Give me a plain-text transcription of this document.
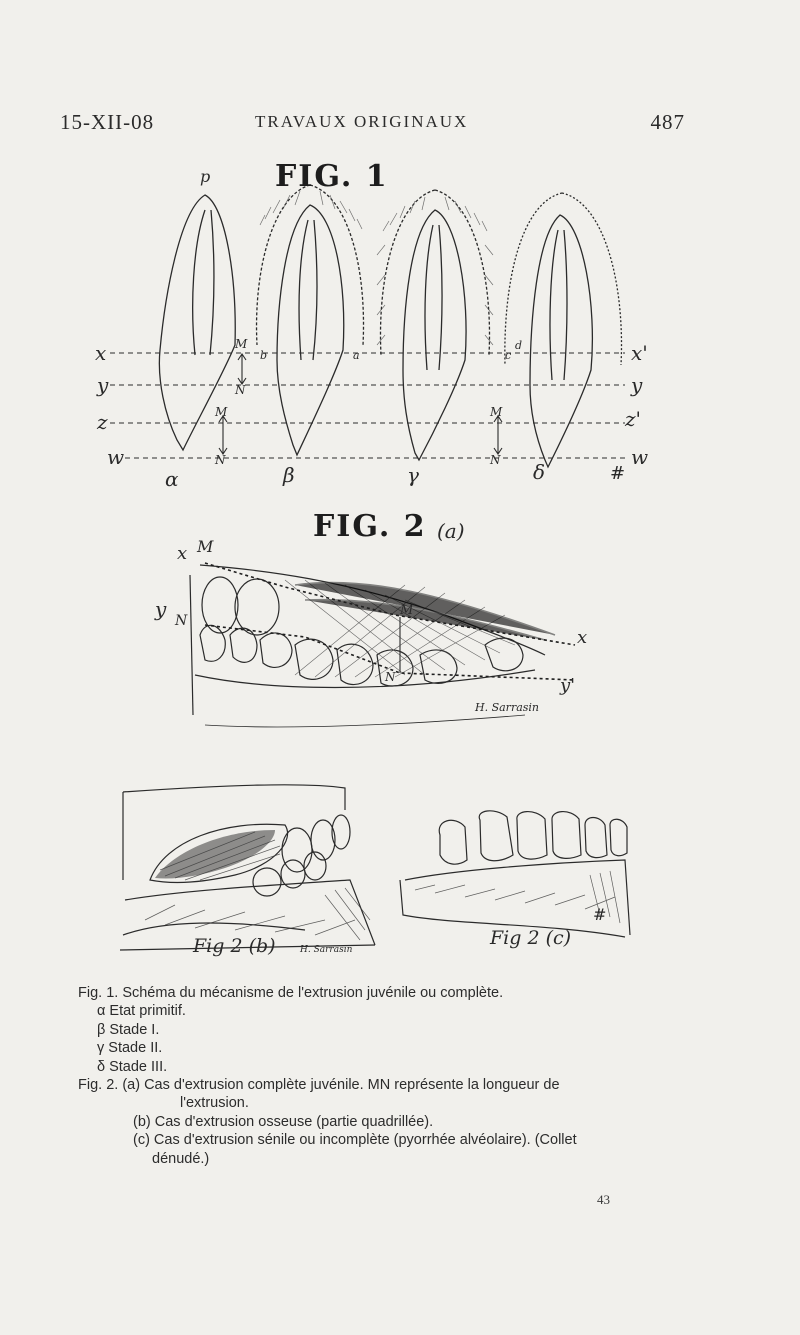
15-XII-08	TRAVAUX ORIGINAUX	487
FIG. 1
p
x
y
z
w
x'
y
z'
w
α	β	γ	δ	#
M
N
M
N
M
N
a
b	c
d
FIG. 2 (a)
x M
y N
M
N
x
y'
H. Sarrasin
Fig 2 (b)	H. Sarrasin
Fig 2 (c)
#
Fig. 1. Schéma du mécanisme de l'extrusion juvénile ou complète.
α Etat primitif.
β Stade I.
γ Stade II.
δ Stade III.
Fig. 2. (a) Cas d'extrusion complète juvénile. MN représente la longueur de
l'extrusion.
(b) Cas d'extrusion osseuse (partie quadrillée).
(c) Cas d'extrusion sénile ou incomplète (pyorrhée alvéolaire). (Collet
dénudé.)
43
